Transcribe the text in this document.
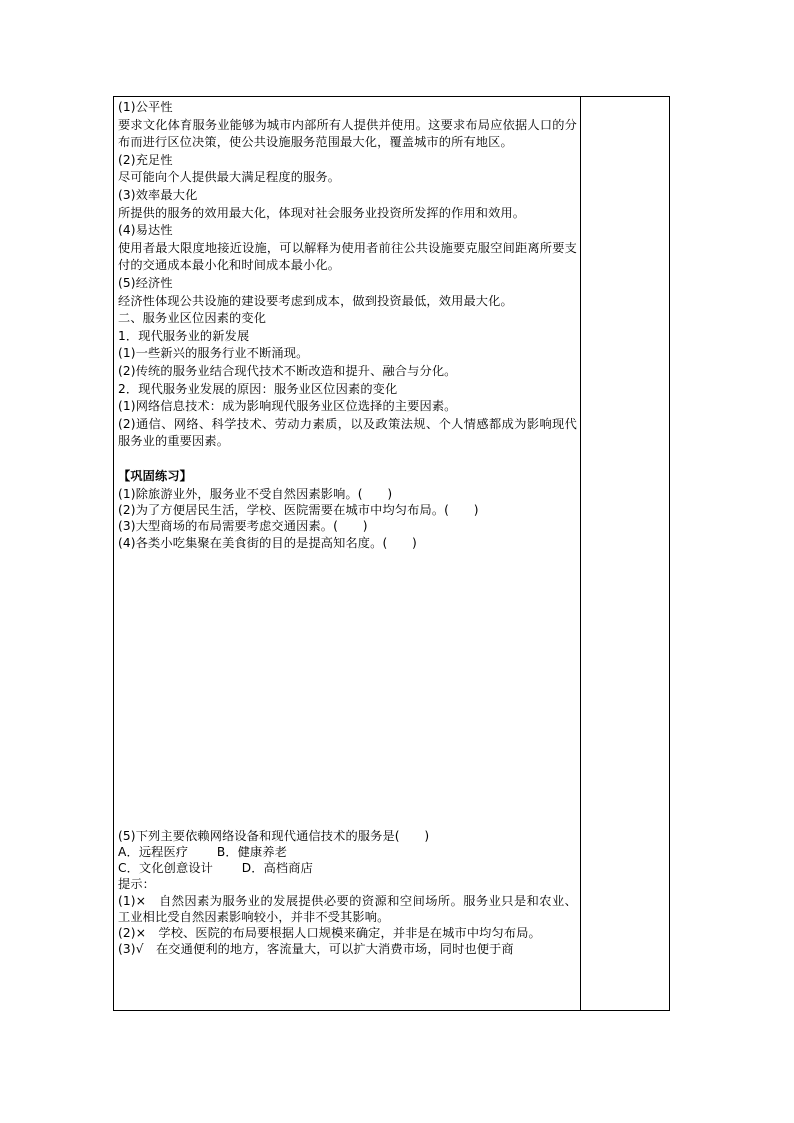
(1)公平性
要求文化体育服务业能够为城市内部所有人提供并使用。这要求布局应依据人口的分布而进行区位决策，使公共设施服务范围最大化，覆盖城市的所有地区。
(2)充足性
尽可能向个人提供最大满足程度的服务。
(3)效率最大化
所提供的服务的效用最大化，体现对社会服务业投资所发挥的作用和效用。
(4)易达性
使用者最大限度地接近设施，可以解释为使用者前往公共设施要克服空间距离所要支付的交通成本最小化和时间成本最小化。
(5)经济性
经济性体现公共设施的建设要考虑到成本，做到投资最低，效用最大化。
二、服务业区位因素的变化
1．现代服务业的新发展
(1)一些新兴的服务行业不断涌现。
(2)传统的服务业结合现代技术不断改造和提升、融合与分化。
2．现代服务业发展的原因：服务业区位因素的变化
(1)网络信息技术：成为影响现代服务业区位选择的主要因素。
(2)通信、网络、科学技术、劳动力素质，以及政策法规、个人情感都成为影响现代服务业的重要因素。
【巩固练习】
(1)除旅游业外，服务业不受自然因素影响。(　　)
(2)为了方便居民生活，学校、医院需要在城市中均匀布局。(　　)
(3)大型商场的布局需要考虑交通因素。(　　)
(4)各类小吃集聚在美食街的目的是提高知名度。(　　)
(5)下列主要依赖网络设备和现代通信技术的服务是(　　)
A．远程医疗　　 B．健康养老
C．文化创意设计　　 D．高档商店
提示：
(1)×　自然因素为服务业的发展提供必要的资源和空间场所。服务业只是和农业、工业相比受自然因素影响较小，并非不受其影响。
(2)×　学校、医院的布局要根据人口规模来确定，并非是在城市中均匀布局。
(3)√　在交通便利的地方，客流量大，可以扩大消费市场，同时也便于商
